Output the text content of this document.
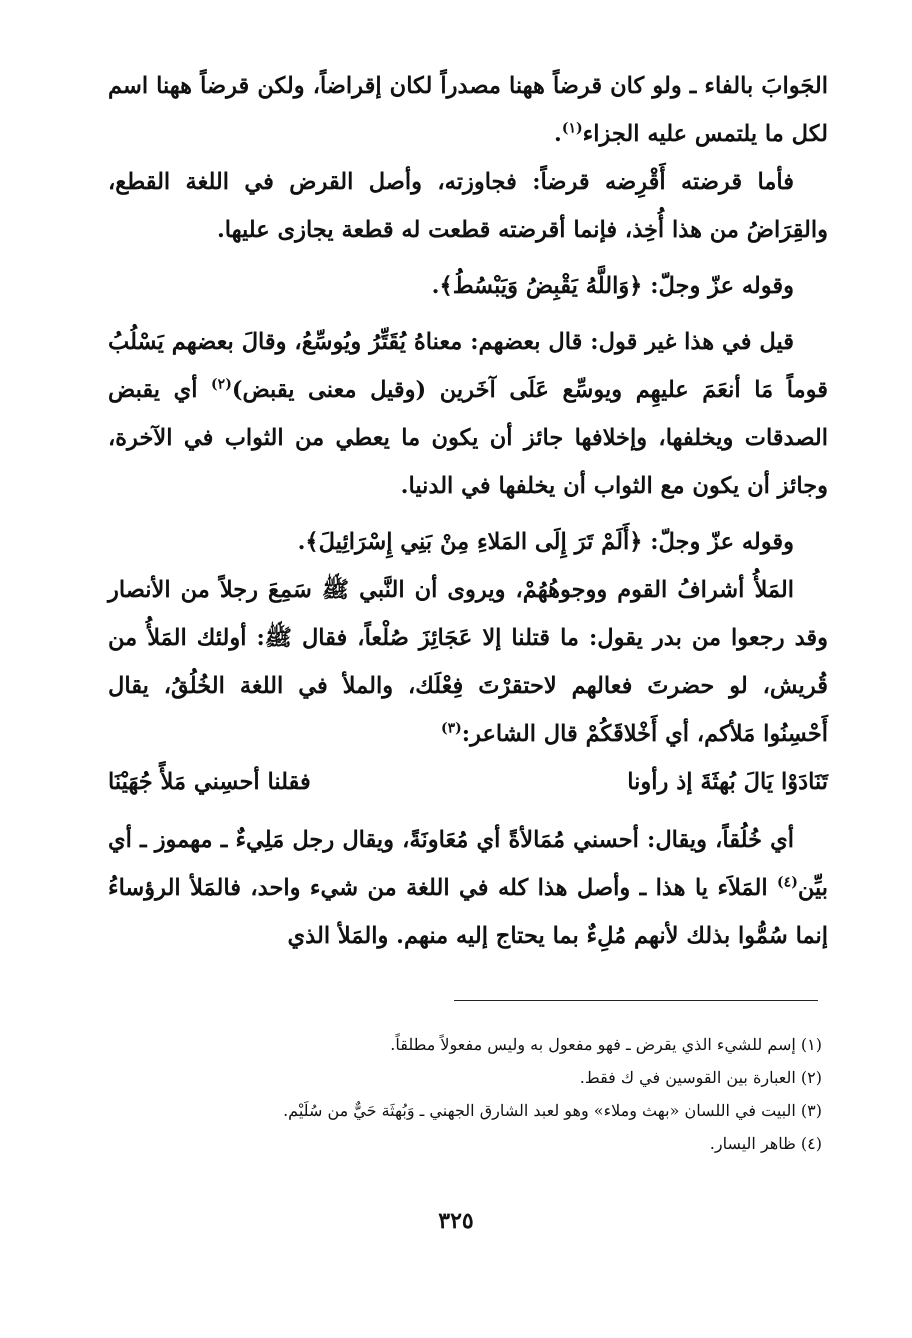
الجَوابَ بالفاء ـ ولو كان قرضاً ههنا مصدراً لكان إقراضاً، ولكن قرضاً ههنا اسم لكل ما يلتمس عليه الجزاء$^{(١)}$.

فأما قرضته أَقْرِضه قرضاً: فجاوزته، وأصل القرض في اللغة القطع، والقِرَاضُ من هذا أُخِذ، فإنما أقرضته قطعت له قطعة يجازى عليها.

وقوله عزّ وجلّ: ﴿وَاللَّهُ يَقْبِضُ وَيَبْسُطُ﴾.

قيل في هذا غير قول: قال بعضهم: معناهُ يُقَتِّرُ ويُوسِّعُ، وقالَ بعضهم يَسْلُبُ قوماً مَا أنعَمَ عليهِم ويوسِّع عَلَى آخَرين (وقيل معنى يقبض)$^{(٢)}$ أي يقبض الصدقات ويخلفها، وإخلافها جائز أن يكون ما يعطي من الثواب في الآخرة، وجائز أن يكون مع الثواب أن يخلفها في الدنيا.

وقوله عزّ وجلّ: ﴿أَلَمْ تَرَ إِلَى المَلاءِ مِنْ بَنِي إِسْرَائِيلَ﴾.

المَلأُ أشرافُ القوم ووجوهُهُمْ، ويروى أن النَّبي ﷺ سَمِعَ رجلاً من الأنصار وقد رجعوا من بدر يقول: ما قتلنا إلا عَجَائِزَ صُلْعاً، فقال ﷺ: أولئك المَلأُ من قُريش، لو حضرتَ فعالهم لاحتقرْتَ فِعْلَك، والملأ في اللغة الخُلُقُ، يقال أَحْسِنُوا مَلأكم، أي أَخْلاقَكُمْ قال الشاعر:$^{(٣)}$

تَنَادَوْا يَالَ بُهثَةَ إذ رأونا
فقلنا أحسِني مَلأً جُهَيْنَا

أي خُلُقاً، ويقال: أحسني مُمَالأةً أي مُعَاونَةً، ويقال رجل مَلِيءٌ ـ مهموز ـ أي بيِّن$^{(٤)}$ المَلاَء يا هذا ـ وأصل هذا كله في اللغة من شيء واحد، فالمَلأ الرؤساءُ إنما سُمُّوا بذلك لأنهم مُلِءٌ بما يحتاج إليه منهم. والمَلأ الذي

(١) إسم للشيء الذي يقرض ـ فهو مفعول به وليس مفعولاً مطلقاً.
(٢) العبارة بين القوسين في ك فقط.
(٣) البيت في اللسان «بهث وملاء» وهو لعبد الشارق الجهني ـ وَبُهثَة حَيٌّ من سُلَيْم.
(٤) ظاهر اليسار.
٣٢٥
